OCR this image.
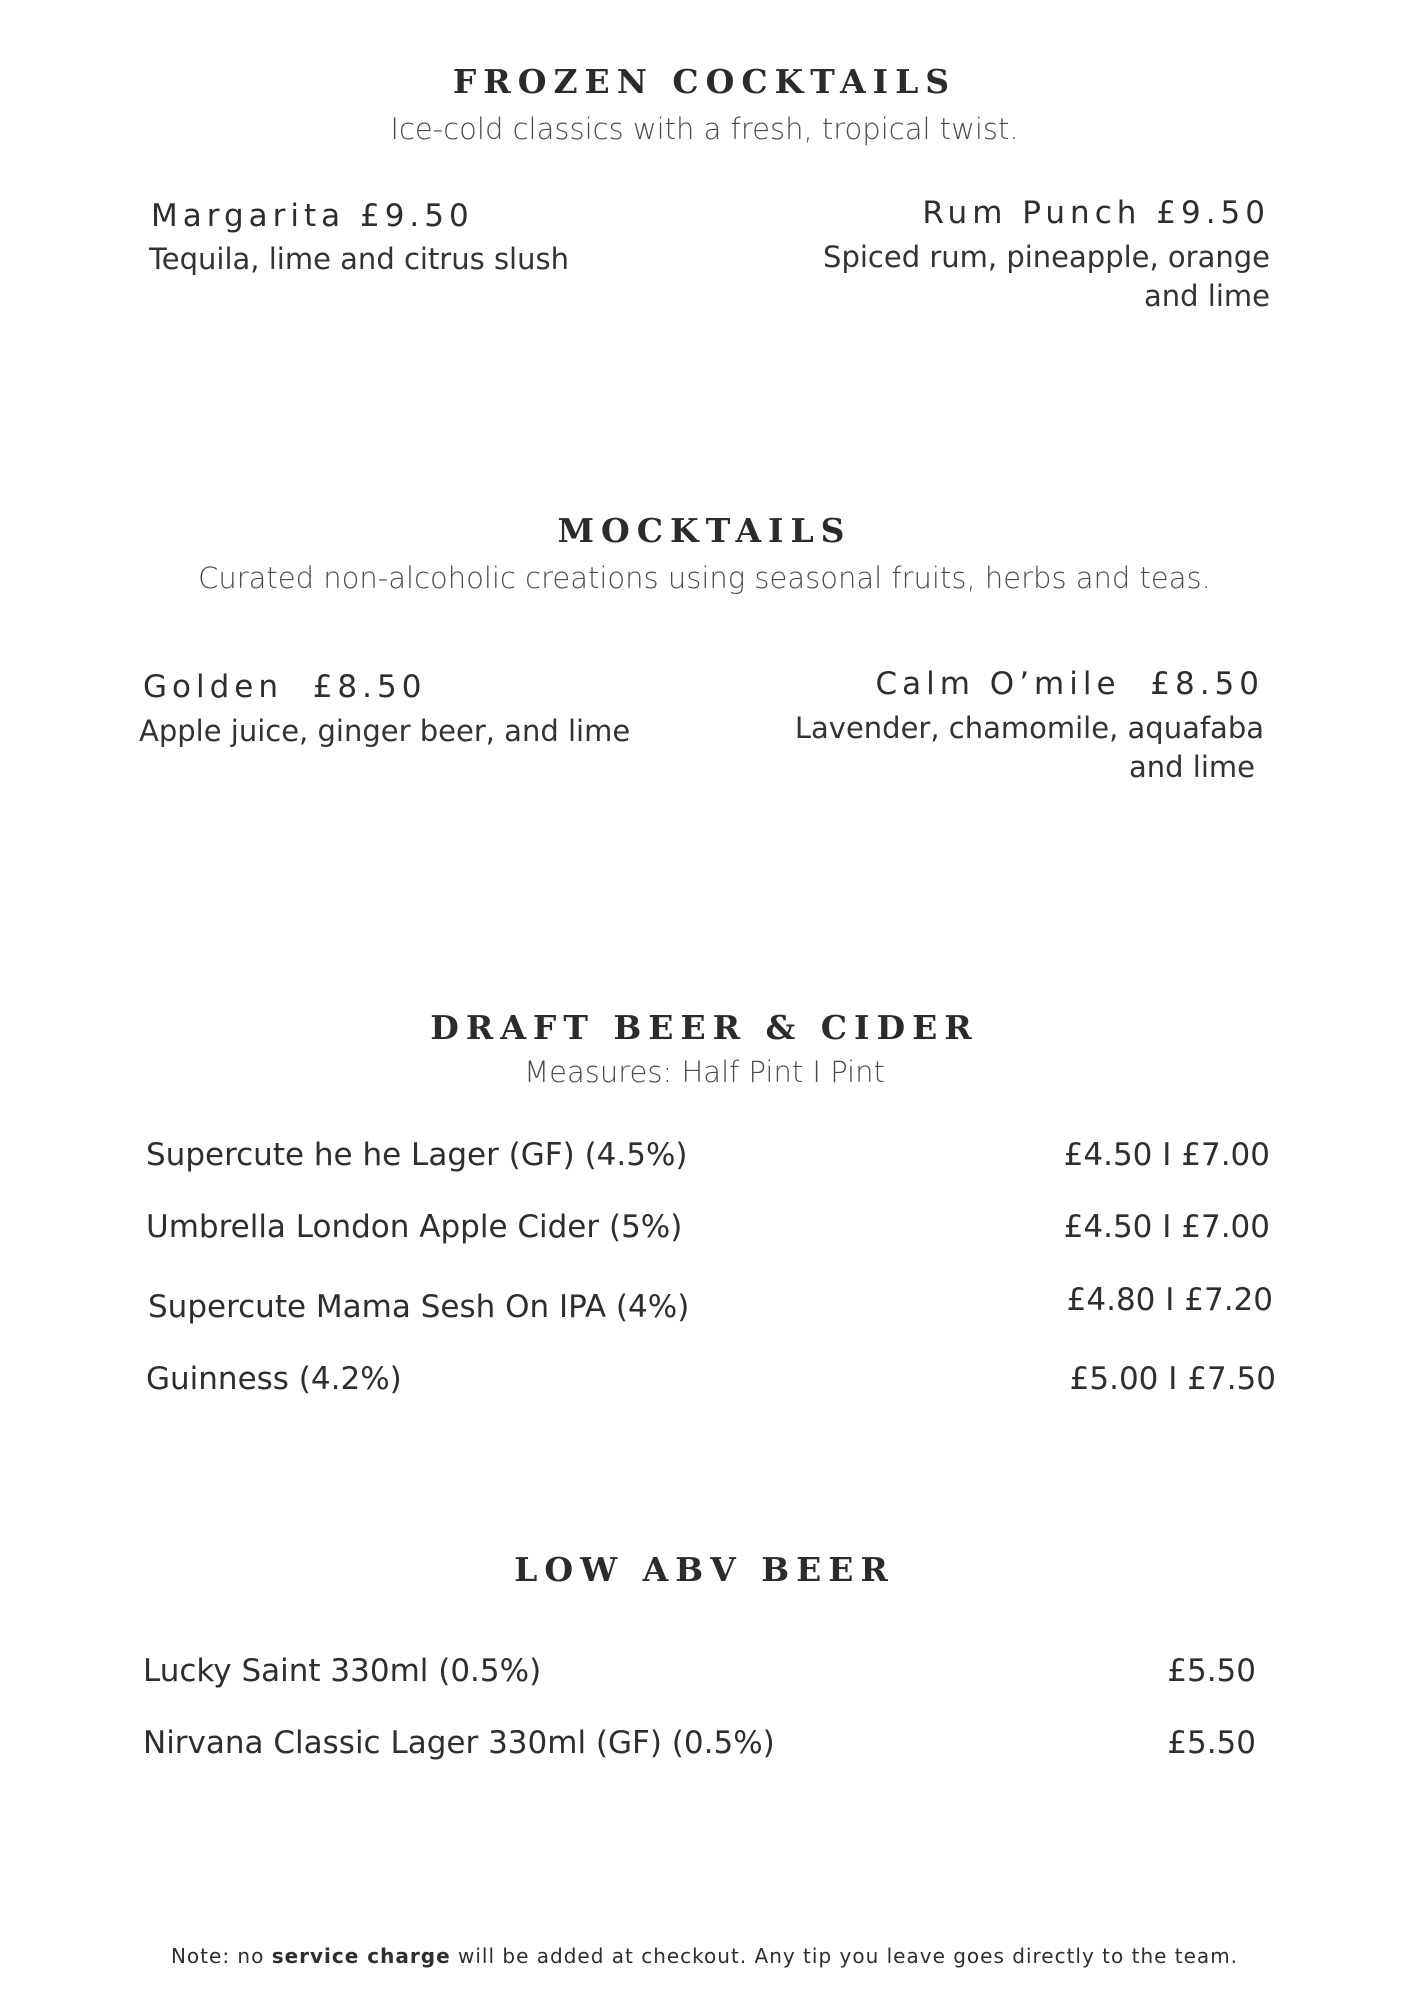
FROZEN COCKTAILS

Ice-cold classics with a fresh, tropical twist.

Margarita £9.50
Tequila, lime and citrus slush
Rum Punch £9.50
Spiced rum, pineapple, orange
and lime
MOCKTAILS

Curated non-alcoholic creations using seasonal fruits, herbs and teas.

Golden  £8.50
Apple juice, ginger beer, and lime
Calm O’mile  £8.50
Lavender, chamomile, aquafaba
and lime
DRAFT BEER & CIDER

Measures: Half Pint I Pint

Supercute he he Lager (GF) (4.5%)	£4.50 I £7.00
Umbrella London Apple Cider (5%)	£4.50 I £7.00
Supercute Mama Sesh On IPA (4%)	£4.80 I £7.20
Guinness (4.2%)	£5.00 I £7.50
LOW ABV BEER
Lucky Saint 330ml (0.5%)	£5.50
Nirvana Classic Lager 330ml (GF) (0.5%)	£5.50
Note: no service charge will be added at checkout. Any tip you leave goes directly to the team.
